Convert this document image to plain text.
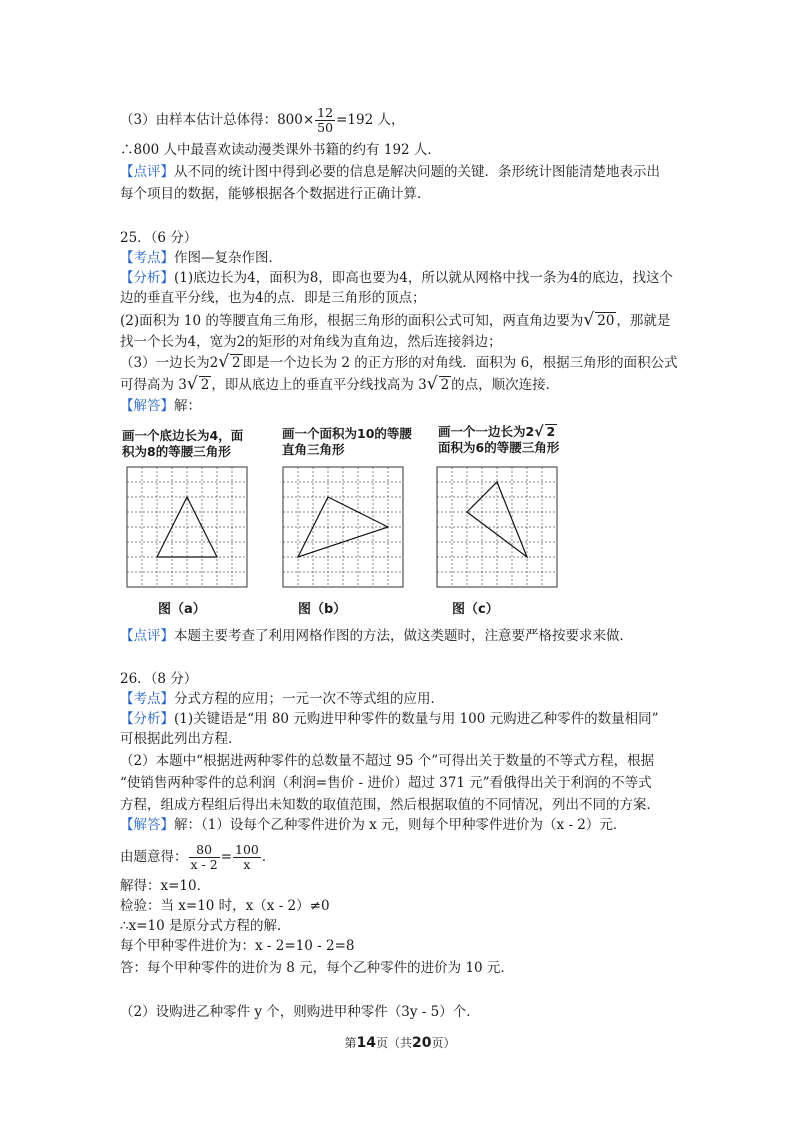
（3）由样本估计总体得：$800\times \frac{12}{50} =192$ 人，
∴800 人中最喜欢读动漫类课外书籍的约有 192 人．
【点评】从不同的统计图中得到必要的信息是解决问题的关键．条形统计图能清楚地表示出
每个项目的数据，能够根据各个数据进行正确计算．
25．（6 分）
【考点】作图—复杂作图．
【分析】(1)底边长为4，面积为8，即高也要为4，所以就从网格中找一条为4的底边，找这个
边的垂直平分线，也为4的点．即是三角形的顶点；
(2)面积为 10 的等腰直角三角形，根据三角形的面积公式可知，两直角边要为√ 20 ，那就是
找一个长为4，宽为2的矩形的对角线为直角边，然后连接斜边；
（3）一边长为2√ 2 即是一个边长为 2 的正方形的对角线．面积为 6，根据三角形的面积公式
可得高为 3√ 2 ，即从底边上的垂直平分线找高为 3√ 2 的点，顺次连接．
【解答】解：
画一个底边长为4，面
积为8的等腰三角形
画一个面积为10的等腰
直角三角形
画一个一边长为2√ 2
面积为6的等腰三角形
图（a）	图（b）	图（c）
【点评】本题主要考查了利用网格作图的方法，做这类题时，注意要严格按要求来做．
26．（8 分）
【考点】分式方程的应用；一元一次不等式组的应用．
【分析】(1)关键语是“用 80 元购进甲种零件的数量与用 100 元购进乙种零件的数量相同”
可根据此列出方程．
（2）本题中“根据进两种零件的总数量不超过 95 个”可得出关于数量的不等式方程，根据
“使销售两种零件的总利润（利润=售价 - 进价）超过 371 元”看俄得出关于利润的不等式
方程，组成方程组后得出未知数的取值范围，然后根据取值的不同情况，列出不同的方案．
【解答】解：（1）设每个乙种零件进价为 x 元，则每个甲种零件进价为（x - 2）元．
由题意得： $\frac{80}{x - 2} = \frac{100}{x}$ ．
解得：x=10．
检验：当 x=10 时，x（x - 2）≠0
∴x=10 是原分式方程的解．
每个甲种零件进价为：x - 2=10 - 2=8
答：每个甲种零件的进价为 8 元，每个乙种零件的进价为 10 元．
（2）设购进乙种零件 y 个，则购进甲种零件（3y - 5）个．
第14页（共20页）
